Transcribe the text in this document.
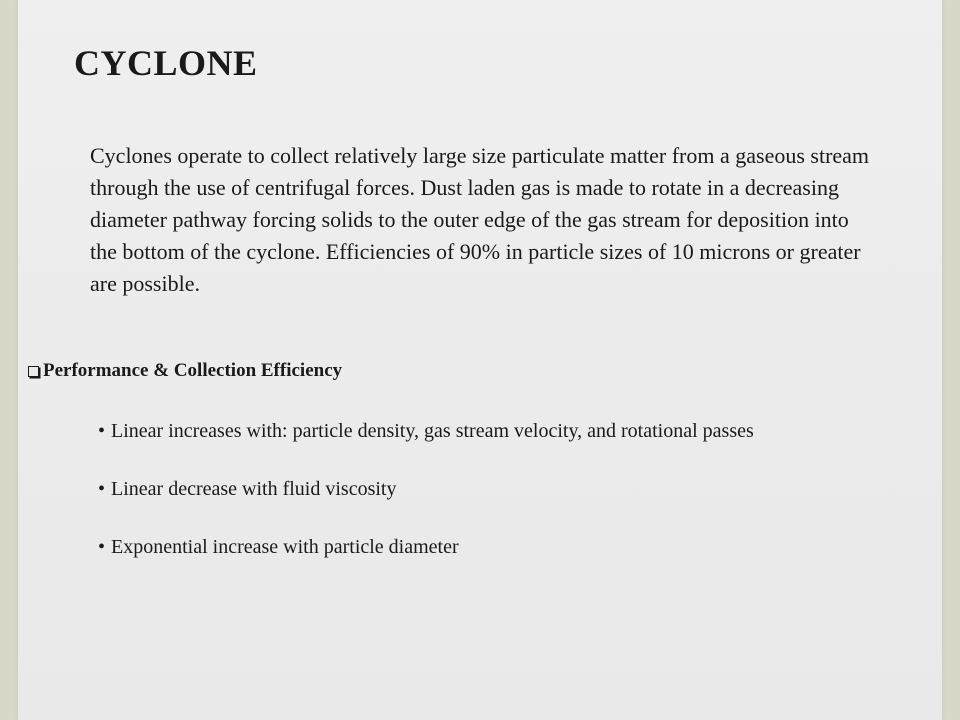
CYCLONE

Cyclones operate to collect relatively large size particulate matter from a gaseous stream through the use of centrifugal forces. Dust laden gas is made to rotate in a decreasing diameter pathway forcing solids to the outer edge of the gas stream for deposition into the bottom of the cyclone. Efficiencies of 90% in particle sizes of 10 microns or greater are possible.

Performance & Collection Efficiency
• Linear increases with: particle density, gas stream velocity, and rotational passes
• Linear decrease with fluid viscosity
• Exponential increase with particle diameter
